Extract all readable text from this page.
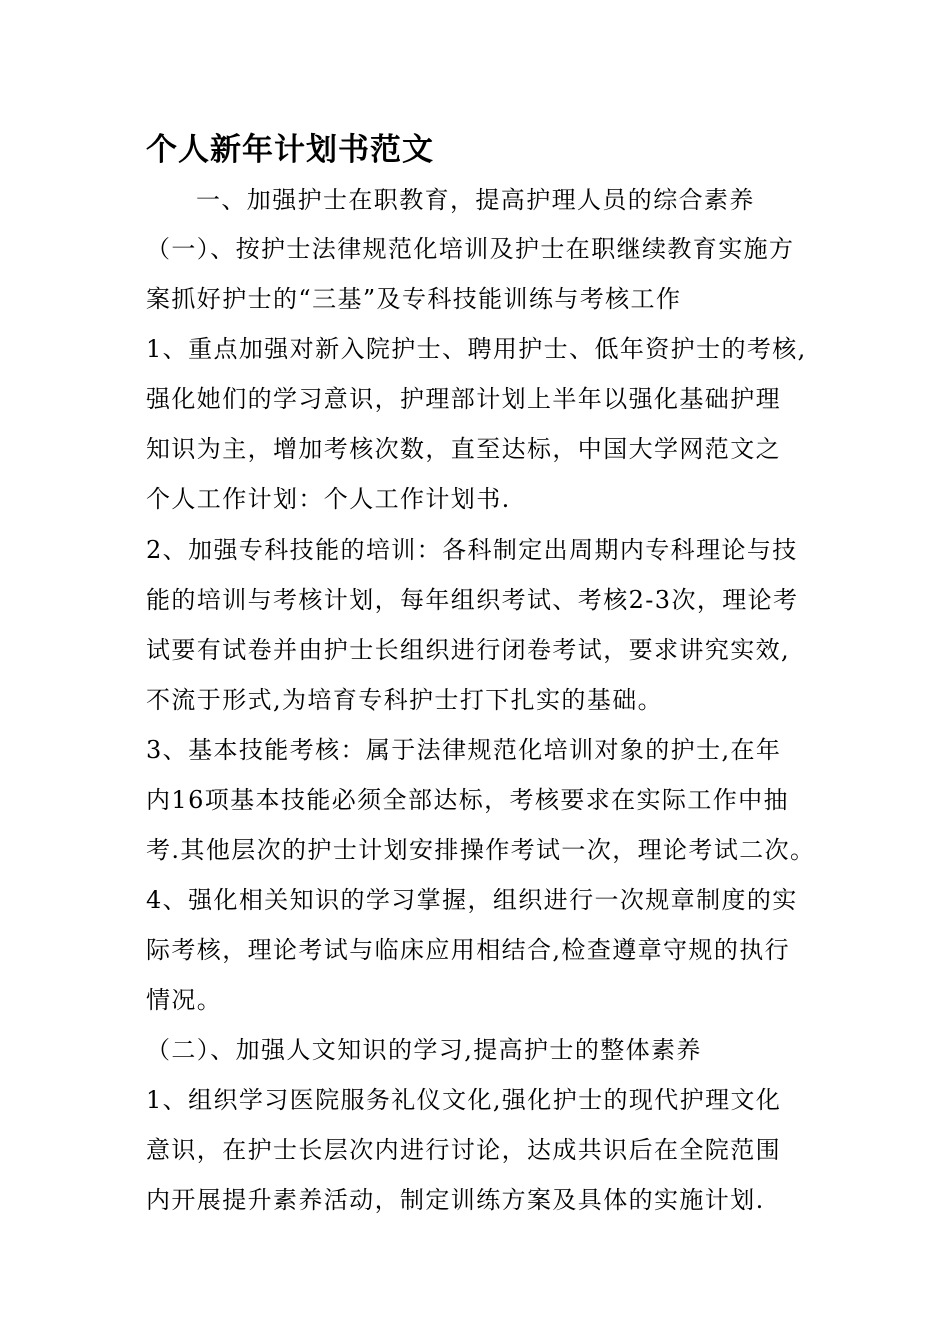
个人新年计划书范文
一、加强护士在职教育，提高护理人员的综合素养
（一）、按护士法律规范化培训及护士在职继续教育实施方
案抓好护士的“三基”及专科技能训练与考核工作
1、重点加强对新入院护士、聘用护士、低年资护士的考核,
强化她们的学习意识，护理部计划上半年以强化基础护理
知识为主，增加考核次数，直至达标，中国大学网范文之
个人工作计划：个人工作计划书.
2、加强专科技能的培训：各科制定出周期内专科理论与技
能的培训与考核计划，每年组织考试、考核2-3次，理论考
试要有试卷并由护士长组织进行闭卷考试，要求讲究实效,
不流于形式,为培育专科护士打下扎实的基础。
3、基本技能考核：属于法律规范化培训对象的护士,在年
内16项基本技能必须全部达标，考核要求在实际工作中抽
考.其他层次的护士计划安排操作考试一次，理论考试二次。
4、强化相关知识的学习掌握，组织进行一次规章制度的实
际考核，理论考试与临床应用相结合,检查遵章守规的执行
情况。
（二）、加强人文知识的学习,提高护士的整体素养
1、组织学习医院服务礼仪文化,强化护士的现代护理文化
意识，在护士长层次内进行讨论，达成共识后在全院范围
内开展提升素养活动，制定训练方案及具体的实施计划.
